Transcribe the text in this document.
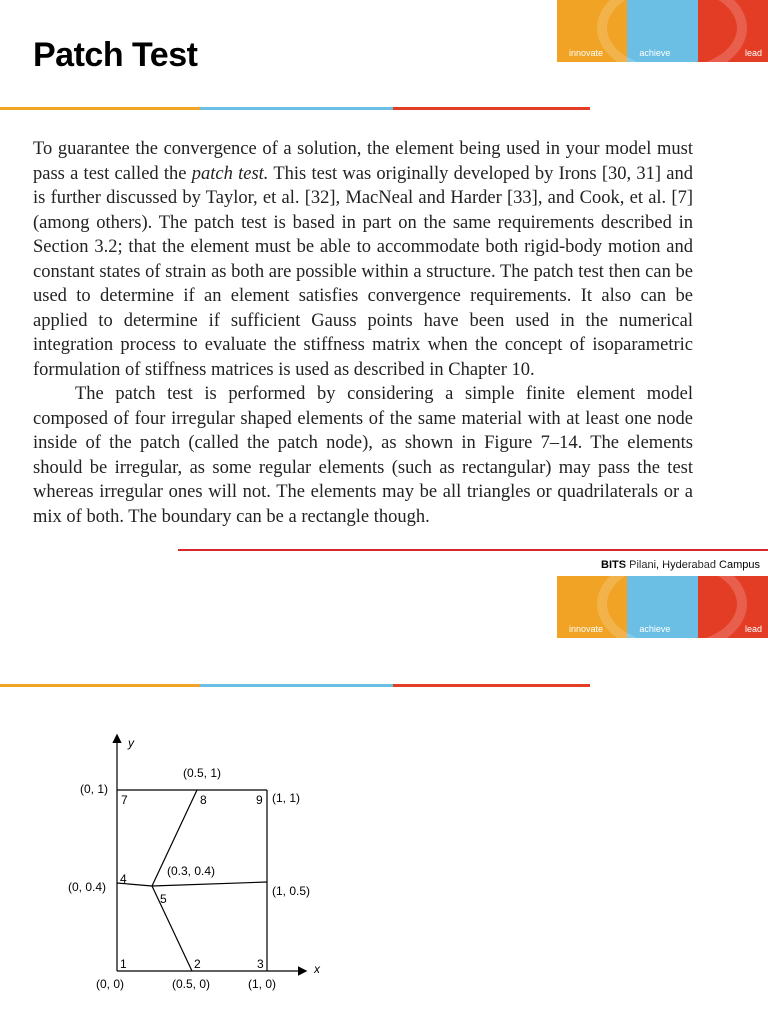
innovate	achieve	lead
Patch Test

To guarantee the convergence of a solution, the element being used in your model must pass a test called the patch test. This test was originally developed by Irons [30, 31] and is further discussed by Taylor, et al. [32], MacNeal and Harder [33], and Cook, et al. [7] (among others). The patch test is based in part on the same requirements described in Section 3.2; that the element must be able to accommodate both rigid-body motion and constant states of strain as both are possible within a structure. The patch test then can be used to determine if an element satisfies convergence requirements. It also can be applied to determine if sufficient Gauss points have been used in the numerical integration process to evaluate the stiffness matrix when the concept of isoparametric formulation of stiffness matrices is used as described in Chapter 10.

The patch test is performed by considering a simple finite element model composed of four irregular shaped elements of the same material with at least one node inside of the patch (called the patch node), as shown in Figure 7–14. The elements should be irregular, as some regular elements (such as rectangular) may pass the test whereas irregular ones will not. The elements may be all triangles or quadrilaterals or a mix of both. The boundary can be a rectangle though.

BITS Pilani, Hyderabad Campus
innovate	achieve	lead
y
x
1	2	3
4
5
7	8	9
(0, 0)	(0.5, 0)	(1, 0)
(0, 0.4)
(0.3, 0.4)
(1, 0.5)
(0, 1)
(0.5, 1)
(1, 1)
